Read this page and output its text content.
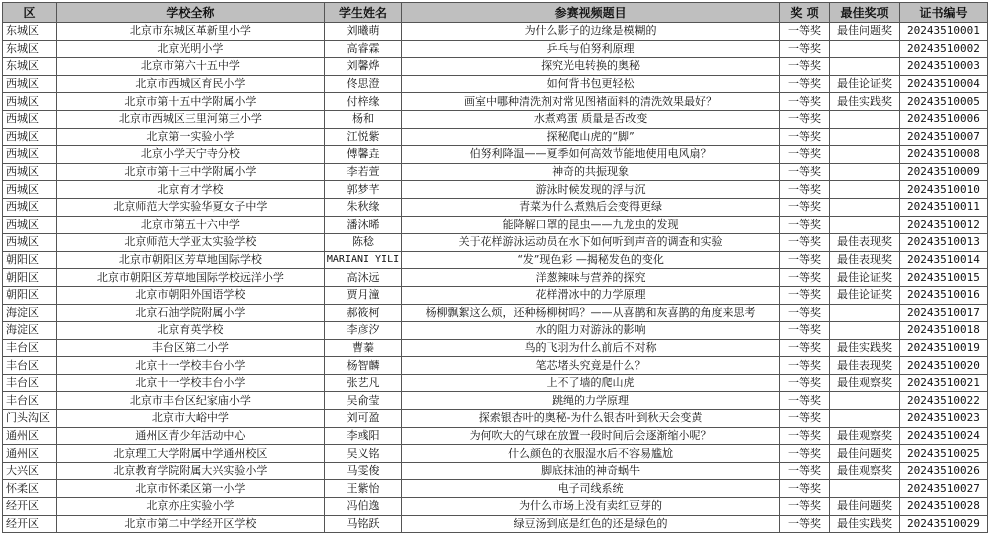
区	学校全称	学生姓名	参赛视频题目	奖 项	最佳奖项	证书编号
东城区	北京市东城区革新里小学	刘曦萌	为什么影子的边缘是模糊的	一等奖	最佳问题奖	20243510001
东城区	北京光明小学	高睿霖	乒乓与伯努利原理	一等奖		20243510002
东城区	北京市第六十五中学	刘馨烨	探究光电转换的奥秘	一等奖		20243510003
西城区	北京市西城区育民小学	佟思澄	如何背书包更轻松	一等奖	最佳论证奖	20243510004
西城区	北京市第十五中学附属小学	付梓缘	画室中哪种清洗剂对常见图褚面料的清洗效果最好？	一等奖	最佳实践奖	20243510005
西城区	北京市西城区三里河第三小学	杨和	水煮鸡蛋 质量是否改变	一等奖		20243510006
西城区	北京第一实验小学	江悦紫	探秘爬山虎的“脚”	一等奖		20243510007
西城区	北京小学天宁寺分校	傅馨垚	伯努利降温——夏季如何高效节能地使用电风扇？	一等奖		20243510008
西城区	北京市第十三中学附属小学	李若萱	神奇的共振现象	一等奖		20243510009
西城区	北京育才学校	郭梦芊	游泳时候发现的浮与沉	一等奖		20243510010
西城区	北京师范大学实验华夏女子中学	朱秋缘	青菜为什么煮熟后会变得更绿	一等奖		20243510011
西城区	北京市第五十六中学	潘沐晞	能降解口罩的昆虫——九龙虫的发现	一等奖		20243510012
西城区	北京师范大学亚太实验学校	陈稔	关于花样游泳运动员在水下如何听到声音的调查和实验	一等奖	最佳表现奖	20243510013
朝阳区	北京市朝阳区芳草地国际学校	MARIANI YILI	“发”现色彩 —揭秘发色的变化	一等奖	最佳表现奖	20243510014
朝阳区	北京市朝阳区芳草地国际学校远洋小学	高沐远	洋葱辣味与营养的探究	一等奖	最佳论证奖	20243510015
朝阳区	北京市朝阳外国语学校	贾月潼	花样滑冰中的力学原理	一等奖	最佳论证奖	20243510016
海淀区	北京石油学院附属小学	郝筱柯	杨柳飘絮这么烦，还种杨柳树吗？——从喜鹊和灰喜鹊的角度来思考	一等奖		20243510017
海淀区	北京育英学校	李彦汐	水的阻力对游泳的影响	一等奖		20243510018
丰台区	丰台区第二小学	曹蓁	鸟的飞羽为什么前后不对称	一等奖	最佳实践奖	20243510019
丰台区	北京十一学校丰台小学	杨智麟	笔芯堵头究竟是什么？	一等奖	最佳表现奖	20243510020
丰台区	北京十一学校丰台小学	张艺凡	上不了墙的爬山虎	一等奖	最佳观察奖	20243510021
丰台区	北京市丰台区纪家庙小学	吴俞莹	跳绳的力学原理	一等奖		20243510022
门头沟区	北京市大峪中学	刘可盈	探索银杏叶的奥秘-为什么银杏叶到秋天会变黄	一等奖		20243510023
通州区	通州区青少年活动中心	李彧阳	为何吹大的气球在放置一段时间后会逐渐缩小呢？	一等奖	最佳观察奖	20243510024
通州区	北京理工大学附属中学通州校区	吴义铭	什么颜色的衣服湿水后不容易尴尬	一等奖	最佳问题奖	20243510025
大兴区	北京教育学院附属大兴实验小学	马雯俊	脚底抹油的神奇蜗牛	一等奖	最佳观察奖	20243510026
怀柔区	北京市怀柔区第一小学	王紫怡	电子司线系统	一等奖		20243510027
经开区	北京亦庄实验小学	冯伯逸	为什么市场上没有卖红豆芽的	一等奖	最佳问题奖	20243510028
经开区	北京市第二中学经开区学校	马铭跃	绿豆汤到底是红色的还是绿色的	一等奖	最佳实践奖	20243510029
